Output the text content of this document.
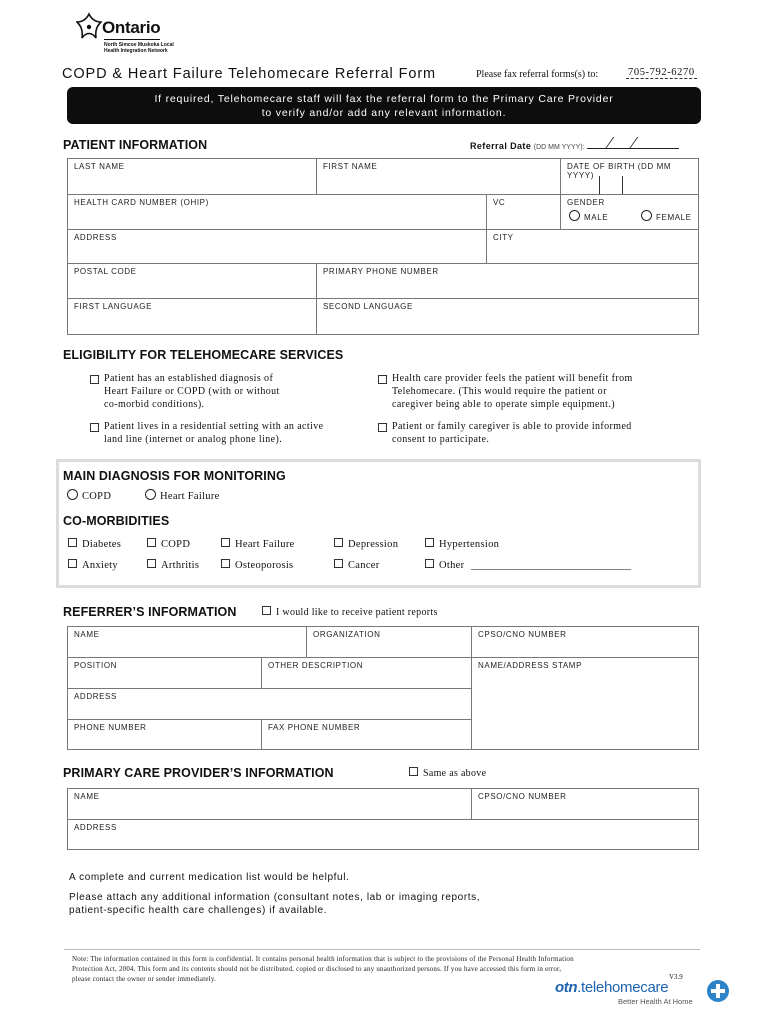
Ontario
North Simcoe Muskoka Local
Health Integration Network
COPD & Heart Failure Telehomecare Referral Form	Please fax referral forms(s) to:	705-792-6270
If required, Telehomecare staff will fax the referral form to the Primary Care Provider
to verify and/or add any relevant information.
PATIENT INFORMATION	Referral Date (DD MM YYYY):
LAST NAME	FIRST NAME	DATE OF BIRTH (DD MM YYYY)
HEALTH CARD NUMBER (OHIP)	VC	GENDER
MALE	FEMALE
ADDRESS	CITY
POSTAL CODE	PRIMARY PHONE NUMBER
FIRST LANGUAGE	SECOND LANGUAGE
ELIGIBILITY FOR TELEHOMECARE SERVICES
Patient has an established diagnosis of
Heart Failure or COPD (with or without
co-morbid conditions).
Health care provider feels the patient will benefit from
Telehomecare. (This would require the patient or
caregiver being able to operate simple equipment.)
Patient lives in a residential setting with an active
land line (internet or analog phone line).
Patient or family caregiver is able to provide informed
consent to participate.
MAIN DIAGNOSIS FOR MONITORING
COPD	Heart Failure
CO-MORBIDITIES
Diabetes	COPD	Heart Failure	Depression	Hypertension
Anxiety	Arthritis	Osteoporosis	Cancer	Other __________________________________
REFERRER’S INFORMATION	I would like to receive patient reports
NAME	ORGANIZATION	CPSO/CNO NUMBER
POSITION	OTHER DESCRIPTION	NAME/ADDRESS STAMP
ADDRESS
PHONE NUMBER	FAX PHONE NUMBER
PRIMARY CARE PROVIDER’S INFORMATION	Same as above
NAME	CPSO/CNO NUMBER
ADDRESS
A complete and current medication list would be helpful.
Please attach any additional information (consultant notes, lab or imaging reports,
patient-specific health care challenges) if available.
Note: The information contained in this form is confidential. It contains personal health information that is subject to the provisions of the Personal Health Information
Protection Act, 2004. This form and its contents should not be distributed, copied or disclosed to any unauthorized persons. If you have accessed this form in error,
please contact the owner or sender immediately.	V3.9
otn.telehomecare
Better Health At Home
